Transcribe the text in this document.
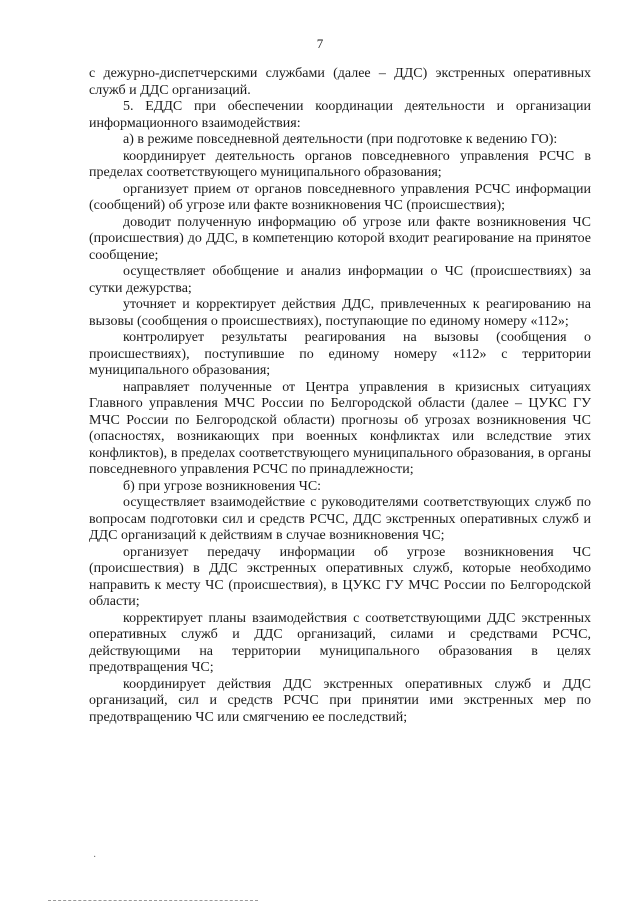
7

с дежурно-диспетчерскими службами (далее – ДДС) экстренных оперативных служб и ДДС организаций.

5. ЕДДС при обеспечении координации деятельности и организации информационного взаимодействия:

а) в режиме повседневной деятельности (при подготовке к ведению ГО):

координирует деятельность органов повседневного управления РСЧС в пределах соответствующего муниципального образования;

организует прием от органов повседневного управления РСЧС информации (сообщений) об угрозе или факте возникновения ЧС (происшествия);

доводит полученную информацию об угрозе или факте возникновения ЧС (происшествия) до ДДС, в компетенцию которой входит реагирование на принятое сообщение;

осуществляет обобщение и анализ информации о ЧС (происшествиях) за сутки дежурства;

уточняет и корректирует действия ДДС, привлеченных к реагированию на вызовы (сообщения о происшествиях), поступающие по единому номеру «112»;

контролирует результаты реагирования на вызовы (сообщения о происшествиях), поступившие по единому номеру «112» с территории муниципального образования;

направляет полученные от Центра управления в кризисных ситуациях Главного управления МЧС России по Белгородской области (далее – ЦУКС ГУ МЧС России по Белгородской области) прогнозы об угрозах возникновения ЧС (опасностях, возникающих при военных конфликтах или вследствие этих конфликтов), в пределах соответствующего муниципального образования, в органы повседневного управления РСЧС по принадлежности;

б) при угрозе возникновения ЧС:

осуществляет взаимодействие с руководителями соответствующих служб по вопросам подготовки сил и средств РСЧС, ДДС экстренных оперативных служб и ДДС организаций к действиям в случае возникновения ЧС;

организует передачу информации об угрозе возникновения ЧС (происшествия) в ДДС экстренных оперативных служб, которые необходимо направить к месту ЧС (происшествия), в ЦУКС ГУ МЧС России по Белгородской области;

корректирует планы взаимодействия с соответствующими ДДС экстренных оперативных служб и ДДС организаций, силами и средствами РСЧС, действующими на территории муниципального образования в целях предотвращения ЧС;

координирует действия ДДС экстренных оперативных служб и ДДС организаций, сил и средств РСЧС при принятии ими экстренных мер по предотвращению ЧС или смягчению ее последствий;

·
